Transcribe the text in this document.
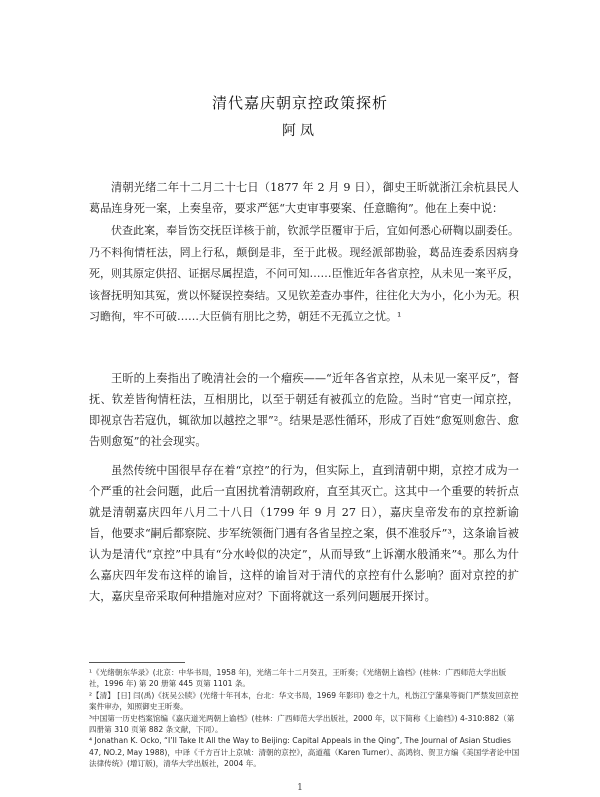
清代嘉庆朝京控政策探析
阿凤

清朝光绪二年十二月二十七日（1877 年 2 月 9 日），御史王昕就浙江余杭县民人葛品连身死一案，上奏皇帝，要求严惩“大吏审事要案、任意瞻徇”。他在上奏中说：

伏查此案，奉旨饬交抚臣详核于前，钦派学臣覆审于后，宜如何悉心研鞫以副委任。乃不料徇情枉法，罔上行私，颠倒是非，至于此极。现经派部勘验，葛品连委系因病身死，则其原定供招、证据尽属捏造，不问可知……臣惟近年各省京控，从未见一案平反，该督抚明知其冤，赏以怀疑误控奏结。又见钦差查办事件，往往化大为小，化小为无。积习瞻徇，牢不可破……大臣倘有朋比之势，朝廷不无孤立之忧。¹

王昕的上奏指出了晚清社会的一个瘤疾——“近年各省京控，从未见一案平反”，督抚、钦差皆徇情枉法，互相朋比，以至于朝廷有被孤立的危险。当时“官吏一闻京控，即视京告若寇仇，辄欲加以越控之罪”²。结果是恶性循环，形成了百姓“愈冤则愈告、愈告则愈冤”的社会现实。

虽然传统中国很早存在着“京控”的行为，但实际上，直到清朝中期，京控才成为一个严重的社会问题，此后一直困扰着清朝政府，直至其灭亡。这其中一个重要的转折点就是清朝嘉庆四年八月二十八日（1799 年 9 月 27 日），嘉庆皇帝发布的京控新谕旨，他要求“嗣后都察院、步军统领衙门遇有各省呈控之案，俱不准驳斥”³，这条谕旨被认为是清代“京控”中具有“分水岭似的决定”，从而导致“上诉潮水般涌来”⁴。那么为什么嘉庆四年发布这样的谕旨，这样的谕旨对于清代的京控有什么影响？面对京控的扩大，嘉庆皇帝采取何种措施对应对？下面将就这一系列问题展开探讨。

¹《光绪朝东华录》(北京：中华书局，1958 年)，光绪二年十二月癸丑，王昕奏；《光绪朝上谕档》(桂林：广西师范大学出版社，1996 年) 第 20 册第 445 页第 1101 条。

²【清】 [日] 闫(禹)《抚吴公牍》(光绪十年刊本，台北：华文书局，1969 年影印) 卷之十九，札饬江宁藩臬等衙门严禁发回京控案件审办，知照御史王昕奏。

³中国第一历史档案馆编《嘉庆道光两朝上谕档》(桂林：广西师范大学出版社，2000 年，以下简称《上谕档》) 4-310:882（第四册第 310 页第 882 条文献，下同）。

⁴ Jonathan K. Ocko, “I’ll Take It All the Way to Beijing: Capital Appeals in the Qing”, The Journal of Asian Studies 47, NO.2, May 1988)，中译《千方百计上京城：清朝的京控》，高道蕴（Karen Turner）、高鸿钧、贺卫方编《美国学者论中国法律传统》(增订版)，清华大学出版社，2004 年。

1
